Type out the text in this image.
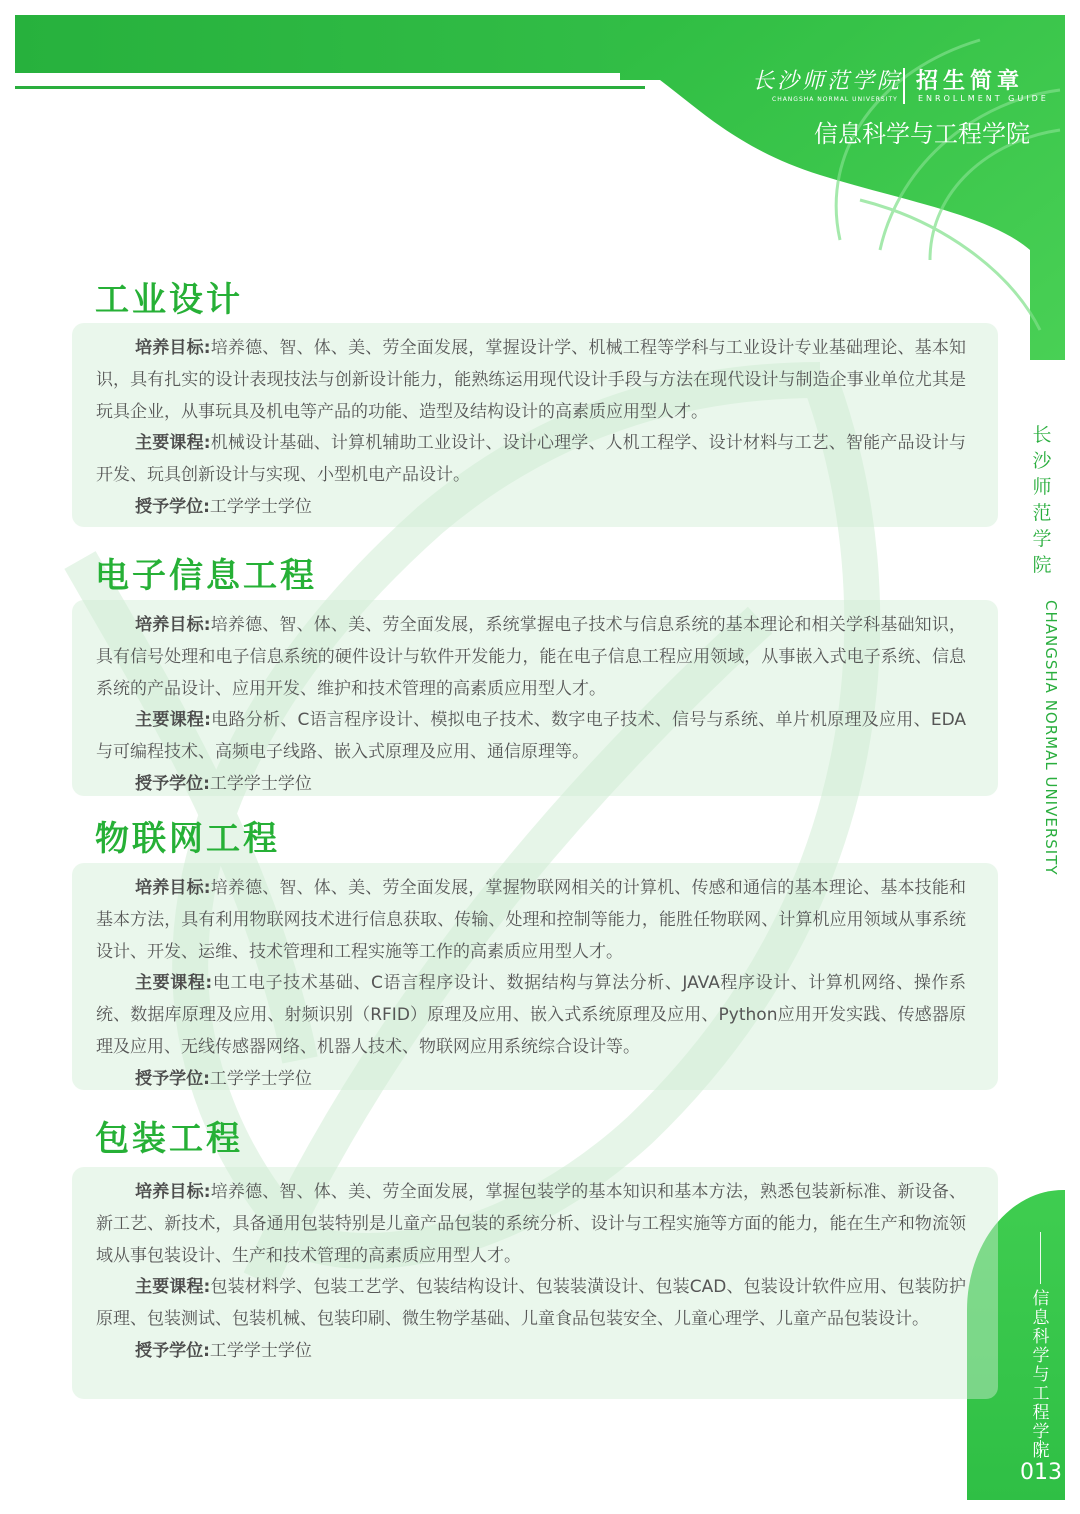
长沙师范学院
CHANGSHA NORMAL UNIVERSITY
招生简章
ENROLLMENT GUIDE
信息科学与工程学院
长沙师范学院
CHANGSHA NORMAL UNIVERSITY
信息科学与工程学院
013
工业设计

培养目标:培养德、智、体、美、劳全面发展，掌握设计学、机械工程等学科与工业设计专业基础理论、基本知识，具有扎实的设计表现技法与创新设计能力，能熟练运用现代设计手段与方法在现代设计与制造企事业单位尤其是玩具企业，从事玩具及机电等产品的功能、造型及结构设计的高素质应用型人才。

主要课程:机械设计基础、计算机辅助工业设计、设计心理学、人机工程学、设计材料与工艺、智能产品设计与开发、玩具创新设计与实现、小型机电产品设计。

授予学位:工学学士学位

电子信息工程

培养目标:培养德、智、体、美、劳全面发展，系统掌握电子技术与信息系统的基本理论和相关学科基础知识，具有信号处理和电子信息系统的硬件设计与软件开发能力，能在电子信息工程应用领域，从事嵌入式电子系统、信息系统的产品设计、应用开发、维护和技术管理的高素质应用型人才。

主要课程:电路分析、C语言程序设计、模拟电子技术、数字电子技术、信号与系统、单片机原理及应用、EDA与可编程技术、高频电子线路、嵌入式原理及应用、通信原理等。

授予学位:工学学士学位

物联网工程

培养目标:培养德、智、体、美、劳全面发展，掌握物联网相关的计算机、传感和通信的基本理论、基本技能和基本方法，具有利用物联网技术进行信息获取、传输、处理和控制等能力，能胜任物联网、计算机应用领域从事系统设计、开发、运维、技术管理和工程实施等工作的高素质应用型人才。

主要课程:电工电子技术基础、C语言程序设计、数据结构与算法分析、JAVA程序设计、计算机网络、操作系统、数据库原理及应用、射频识别（RFID）原理及应用、嵌入式系统原理及应用、Python应用开发实践、传感器原理及应用、无线传感器网络、机器人技术、物联网应用系统综合设计等。

授予学位:工学学士学位

包装工程

培养目标:培养德、智、体、美、劳全面发展，掌握包装学的基本知识和基本方法，熟悉包装新标准、新设备、新工艺、新技术，具备通用包装特别是儿童产品包装的系统分析、设计与工程实施等方面的能力，能在生产和物流领域从事包装设计、生产和技术管理的高素质应用型人才。

主要课程:包装材料学、包装工艺学、包装结构设计、包装装潢设计、包装CAD、包装设计软件应用、包装防护原理、包装测试、包装机械、包装印刷、微生物学基础、儿童食品包装安全、儿童心理学、儿童产品包装设计。

授予学位:工学学士学位
